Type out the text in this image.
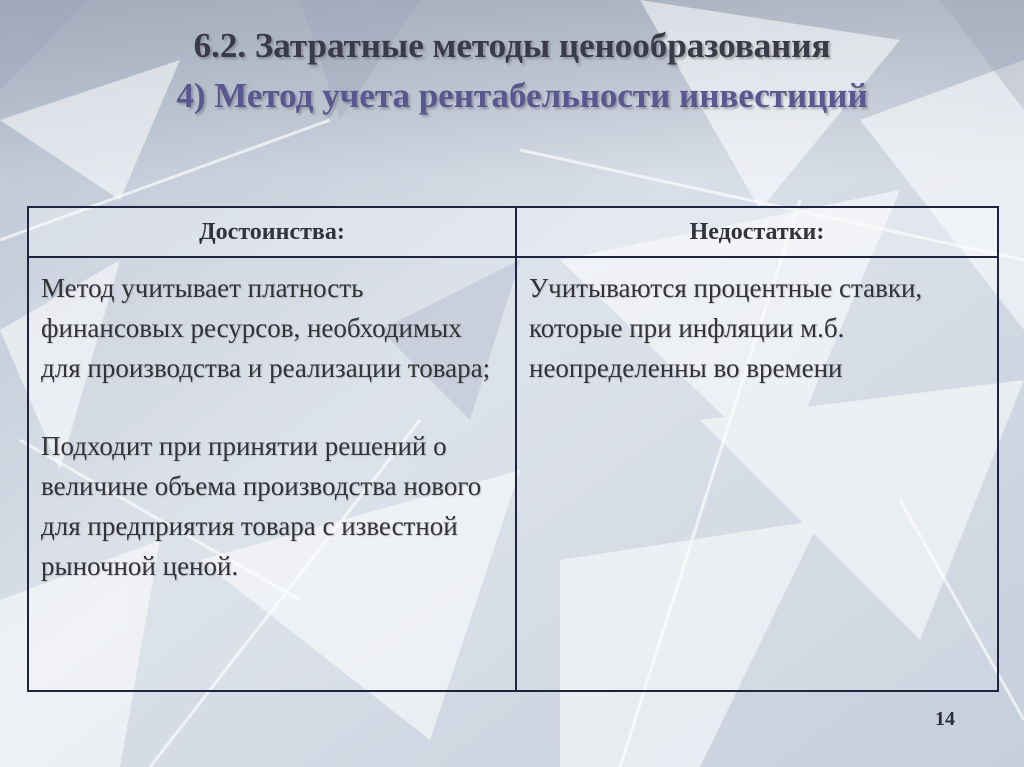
6.2. Затратные методы ценообразования
4) Метод учета рентабельности инвестиций
Достоинства:	Недостатки:

Метод учитывает платность финансовых ресурсов, необходимых для производства и реализации товара;

Подходит при принятии решений о величине объема производства нового для предприятия товара с известной рыночной ценой.	Учитываются процентные ставки, которые при инфляции м.б. неопределенны во времени

14
